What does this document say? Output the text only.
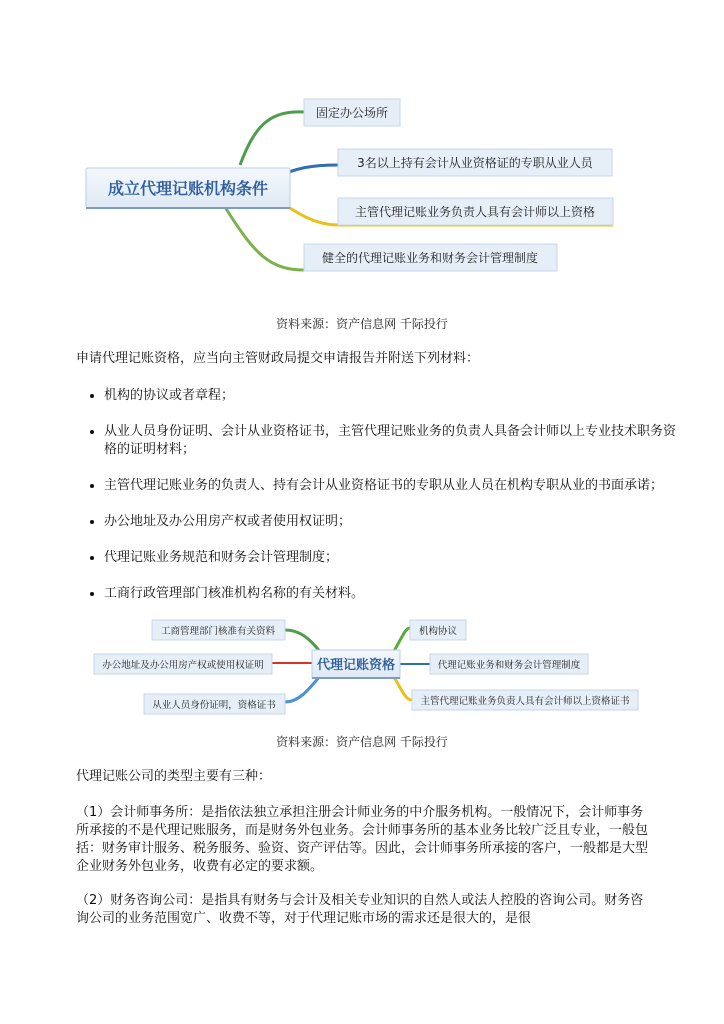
成立代理记账机构条件
固定办公场所
3名以上持有会计从业资格证的专职从业人员
主管代理记账业务负责人具有会计师以上资格
健全的代理记账业务和财务会计管理制度
资料来源：资产信息网 千际投行

申请代理记账资格，应当向主管财政局提交申请报告并附送下列材料：

• 机构的协议或者章程；
• 从业人员身份证明、会计从业资格证书，主管代理记账业务的负责人具备会计师以上专业技术职务资格的证明材料；
• 主管代理记账业务的负责人、持有会计从业资格证书的专职从业人员在机构专职从业的书面承诺；
• 办公地址及办公用房产权或者使用权证明；
• 代理记账业务规范和财务会计管理制度；
• 工商行政管理部门核准机构名称的有关材料。
代理记账资格
工商管理部门核准有关资料
办公地址及办公用房产权或使用权证明
从业人员身份证明，资格证书
机构协议
代理记账业务和财务会计管理制度
主管代理记账业务负责人具有会计师以上资格证书
资料来源：资产信息网 千际投行

代理记账公司的类型主要有三种：

（1）会计师事务所：是指依法独立承担注册会计师业务的中介服务机构。一般情况下，会计师事务所承接的不是代理记账服务，而是财务外包业务。会计师事务所的基本业务比较广泛且专业，一般包括：财务审计服务、税务服务、验资、资产评估等。因此，会计师事务所承接的客户，一般都是大型企业财务外包业务，收费有必定的要求额。

（2）财务咨询公司：是指具有财务与会计及相关专业知识的自然人或法人控股的咨询公司。财务咨询公司的业务范围宽广、收费不等，对于代理记账市场的需求还是很大的，是很
